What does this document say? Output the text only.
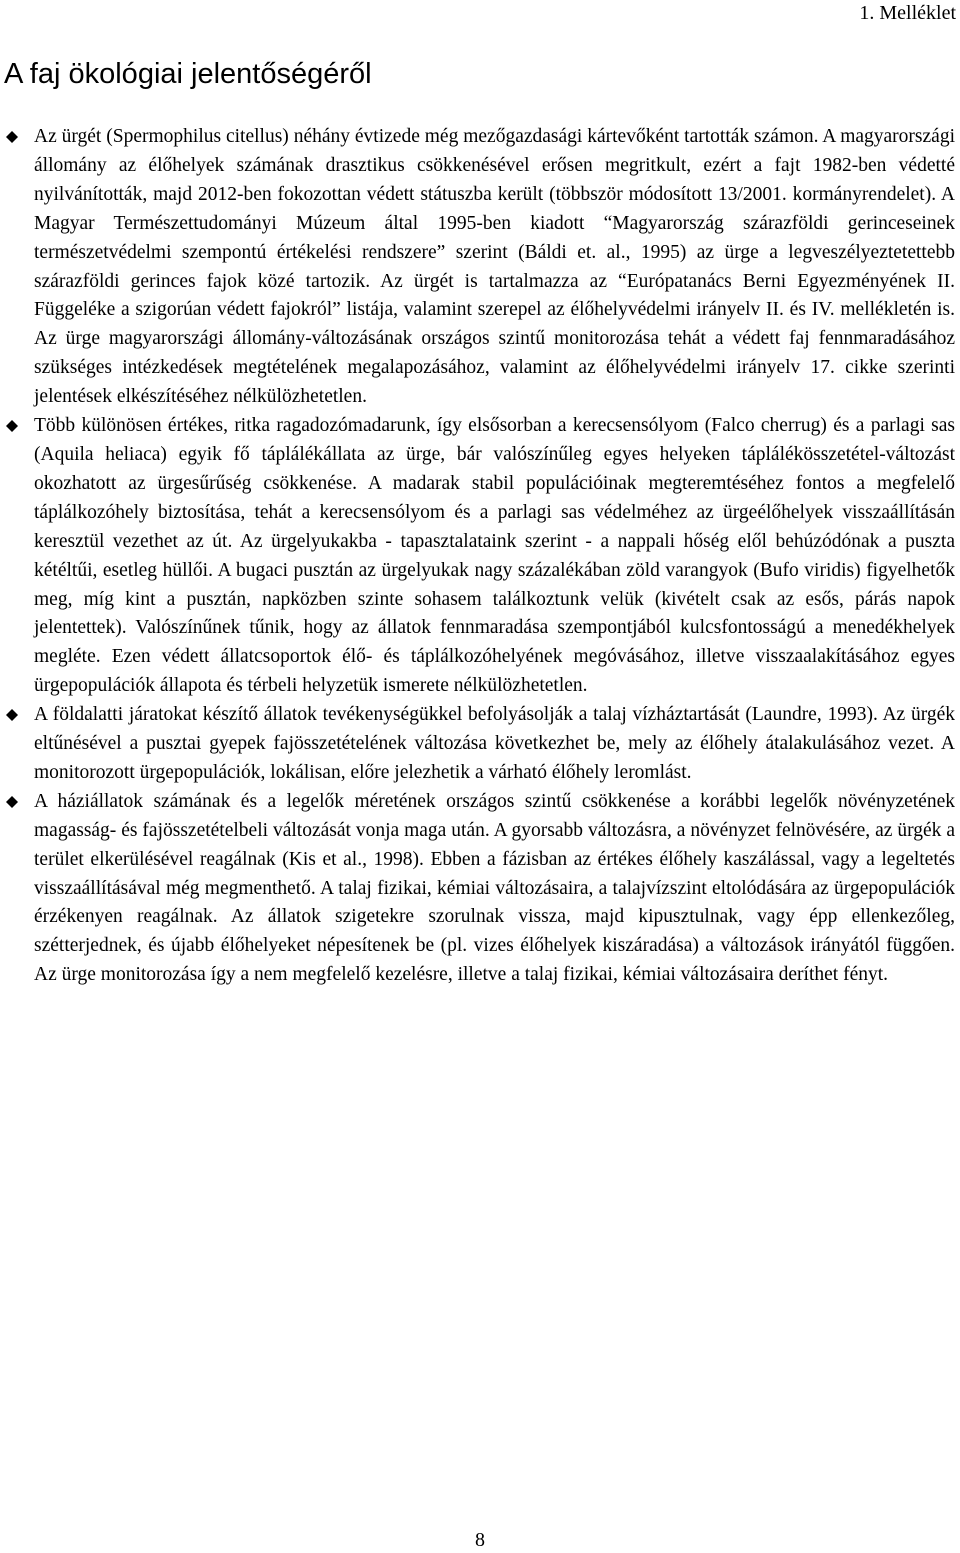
1. Melléklet
A faj ökológiai jelentőségéről
Az ürgét (Spermophilus citellus) néhány évtizede még mezőgazdasági kártevőként tartották számon. A magyarországi állomány az élőhelyek számának drasztikus csökkenésével erősen megritkult, ezért a fajt 1982-ben védetté nyilvánították, majd 2012-ben fokozottan védett státuszba került (többször módosított 13/2001. kormányrendelet). A Magyar Természettudományi Múzeum által 1995-ben kiadott “Magyarország szárazföldi gerinceseinek természetvédelmi szempontú értékelési rendszere” szerint (Báldi et. al., 1995) az ürge a legveszélyeztetettebb szárazföldi gerinces fajok közé tartozik. Az ürgét is tartalmazza az “Európatanács Berni Egyezményének II. Függeléke a szigorúan védett fajokról” listája, valamint szerepel az élőhelyvédelmi irányelv II. és IV. mellékletén is. Az ürge magyarországi állomány-változásának országos szintű monitorozása tehát a védett faj fennmaradásához szükséges intézkedések megtételének megalapozásához, valamint az élőhelyvédelmi irányelv 17. cikke szerinti jelentések elkészítéséhez nélkülözhetetlen.
Több különösen értékes, ritka ragadozómadarunk, így elsősorban a kerecsensólyom (Falco cherrug) és a parlagi sas (Aquila heliaca) egyik fő táplálékállata az ürge, bár valószínűleg egyes helyeken táplálékösszetétel-változást okozhatott az ürgesűrűség csökkenése. A madarak stabil populációinak megteremtéséhez fontos a megfelelő táplálkozóhely biztosítása, tehát a kerecsensólyom és a parlagi sas védelméhez az ürgeélőhelyek visszaállításán keresztül vezethet az út. Az ürgelyukakba - tapasztalataink szerint - a nappali hőség elől behúzódónak a puszta kétéltűi, esetleg hüllői. A bugaci pusztán az ürgelyukak nagy százalékában zöld varangyok (Bufo viridis) figyelhetők meg, míg kint a pusztán, napközben szinte sohasem találkoztunk velük (kivételt csak az esős, párás napok jelentettek). Valószínűnek tűnik, hogy az állatok fennmaradása szempontjából kulcsfontosságú a menedékhelyek megléte. Ezen védett állatcsoportok élő- és táplálkozóhelyének megóvásához, illetve visszaalakításához egyes ürgepopulációk állapota és térbeli helyzetük ismerete nélkülözhetetlen.
A földalatti járatokat készítő állatok tevékenységükkel befolyásolják a talaj vízháztartását (Laundre, 1993). Az ürgék eltűnésével a pusztai gyepek fajösszetételének változása következhet be, mely az élőhely átalakulásához vezet. A monitorozott ürgepopulációk, lokálisan, előre jelezhetik a várható élőhely leromlást.
A háziállatok számának és a legelők méretének országos szintű csökkenése a korábbi legelők növényzetének magasság- és fajösszetételbeli változását vonja maga után. A gyorsabb változásra, a növényzet felnövésére, az ürgék a terület elkerülésével reagálnak (Kis et al., 1998). Ebben a fázisban az értékes élőhely kaszálással, vagy a legeltetés visszaállításával még megmenthető. A talaj fizikai, kémiai változásaira, a talajvízszint eltolódására az ürgepopulációk érzékenyen reagálnak. Az állatok szigetekre szorulnak vissza, majd kipusztulnak, vagy épp ellenkezőleg, szétterjednek, és újabb élőhelyeket népesítenek be (pl. vizes élőhelyek kiszáradása) a változások irányától függően. Az ürge monitorozása így a nem megfelelő kezelésre, illetve a talaj fizikai, kémiai változásaira deríthet fényt.
8
